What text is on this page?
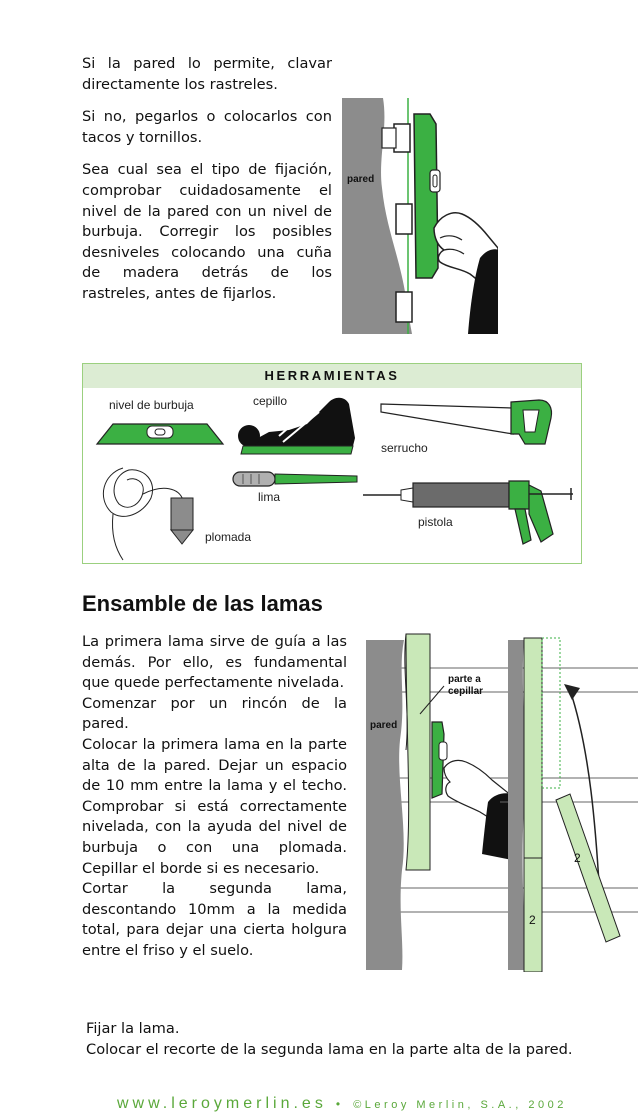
Si la pared lo permite, clavar directamente los rastreles.

Si no, pegarlos o colocarlos con tacos y tornillos.

Sea cual sea el tipo de fijación, comprobar cuidadosamente el nivel de la pared con un nivel de burbuja. Corregir los posibles desniveles colocando una cuña de madera detrás de los rastreles, antes de fijarlos.

pared
HERRAMIENTAS
nivel de burbuja	cepillo
serrucho
lima
pistola
plomada
Ensamble de las lamas

La primera lama sirve de guía a las demás. Por ello, es fundamental que quede perfectamente nivelada.

Comenzar por un rincón de la pared.

Colocar la primera lama en la parte alta de la pared. Dejar un espacio de 10 mm entre la lama y el techo. Comprobar si está correctamente nivelada, con la ayuda del nivel de burbuja o con una plomada. Cepillar el borde si es necesario.

Cortar la segunda lama, descontando 10mm a la medida total, para dejar una cierta holgura entre el friso y el suelo.

parte a
cepillar
pared
2
2

Fijar la lama.

Colocar el recorte de la segunda lama en la parte alta de la pared.

www.leroymerlin.es • ©Leroy Merlin, S.A., 2002
